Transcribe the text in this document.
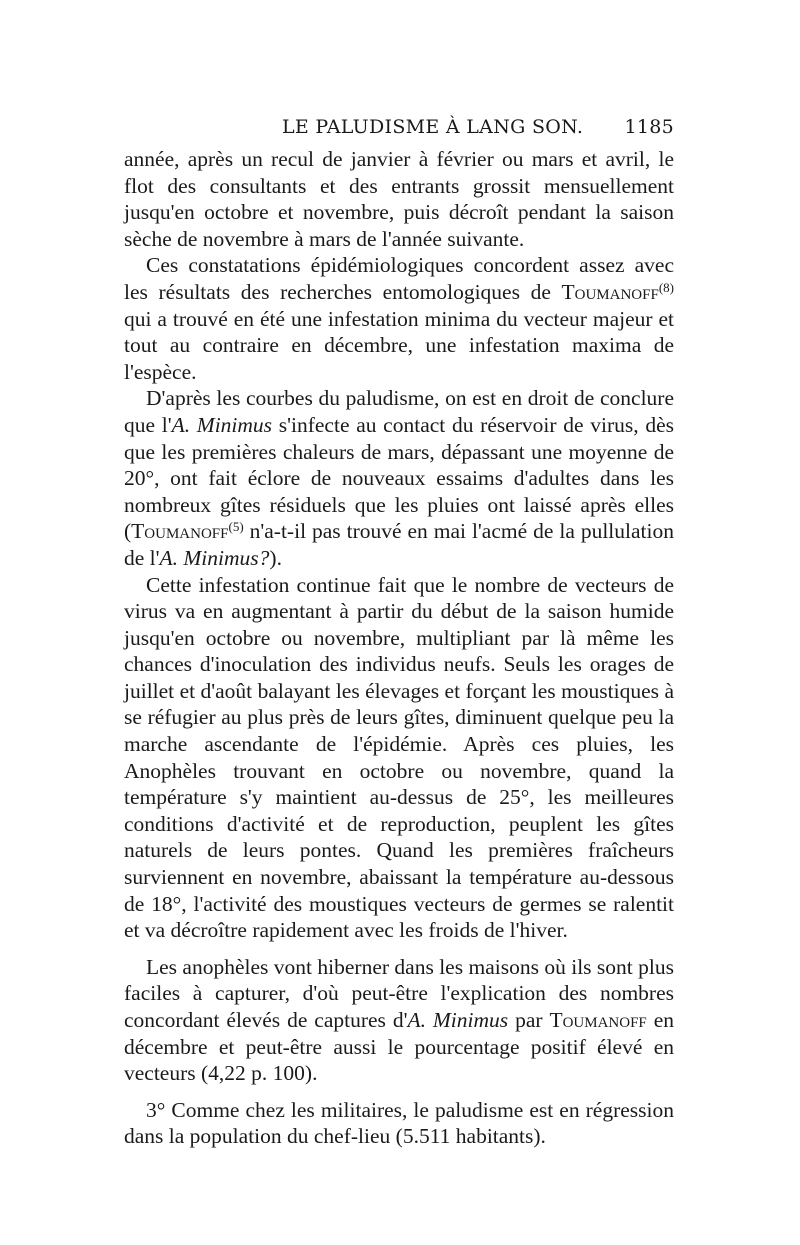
LE PALUDISME À LANG SON. 1185

année, après un recul de janvier à février ou mars et avril, le flot des consultants et des entrants grossit mensuellement jusqu'en octobre et novembre, puis décroît pendant la saison sèche de novembre à mars de l'année suivante.

Ces constatations épidémiologiques concordent assez avec les résultats des recherches entomologiques de Toumanoff$^{(8)}$ qui a trouvé en été une infestation minima du vecteur majeur et tout au contraire en décembre, une infestation maxima de l'espèce.

D'après les courbes du paludisme, on est en droit de conclure que l'A. Minimus s'infecte au contact du réservoir de virus, dès que les premières chaleurs de mars, dépassant une moyenne de 20°, ont fait éclore de nouveaux essaims d'adultes dans les nombreux gîtes résiduels que les pluies ont laissé après elles (Toumanoff$^{(5)}$ n'a-t-il pas trouvé en mai l'acmé de la pullulation de l'A. Minimus?).

Cette infestation continue fait que le nombre de vecteurs de virus va en augmentant à partir du début de la saison humide jusqu'en octobre ou novembre, multipliant par là même les chances d'inoculation des individus neufs. Seuls les orages de juillet et d'août balayant les élevages et forçant les moustiques à se réfugier au plus près de leurs gîtes, diminuent quelque peu la marche ascendante de l'épidémie. Après ces pluies, les Anophèles trouvant en octobre ou novembre, quand la température s'y maintient au-dessus de 25°, les meilleures conditions d'activité et de reproduction, peuplent les gîtes naturels de leurs pontes. Quand les premières fraîcheurs surviennent en novembre, abaissant la température au-dessous de 18°, l'activité des moustiques vecteurs de germes se ralentit et va décroître rapidement avec les froids de l'hiver.

Les anophèles vont hiberner dans les maisons où ils sont plus faciles à capturer, d'où peut-être l'explication des nombres concordant élevés de captures d'A. Minimus par Toumanoff en décembre et peut-être aussi le pourcentage positif élevé en vecteurs (4,22 p. 100).

3° Comme chez les militaires, le paludisme est en régression dans la population du chef-lieu (5.511 habitants).
